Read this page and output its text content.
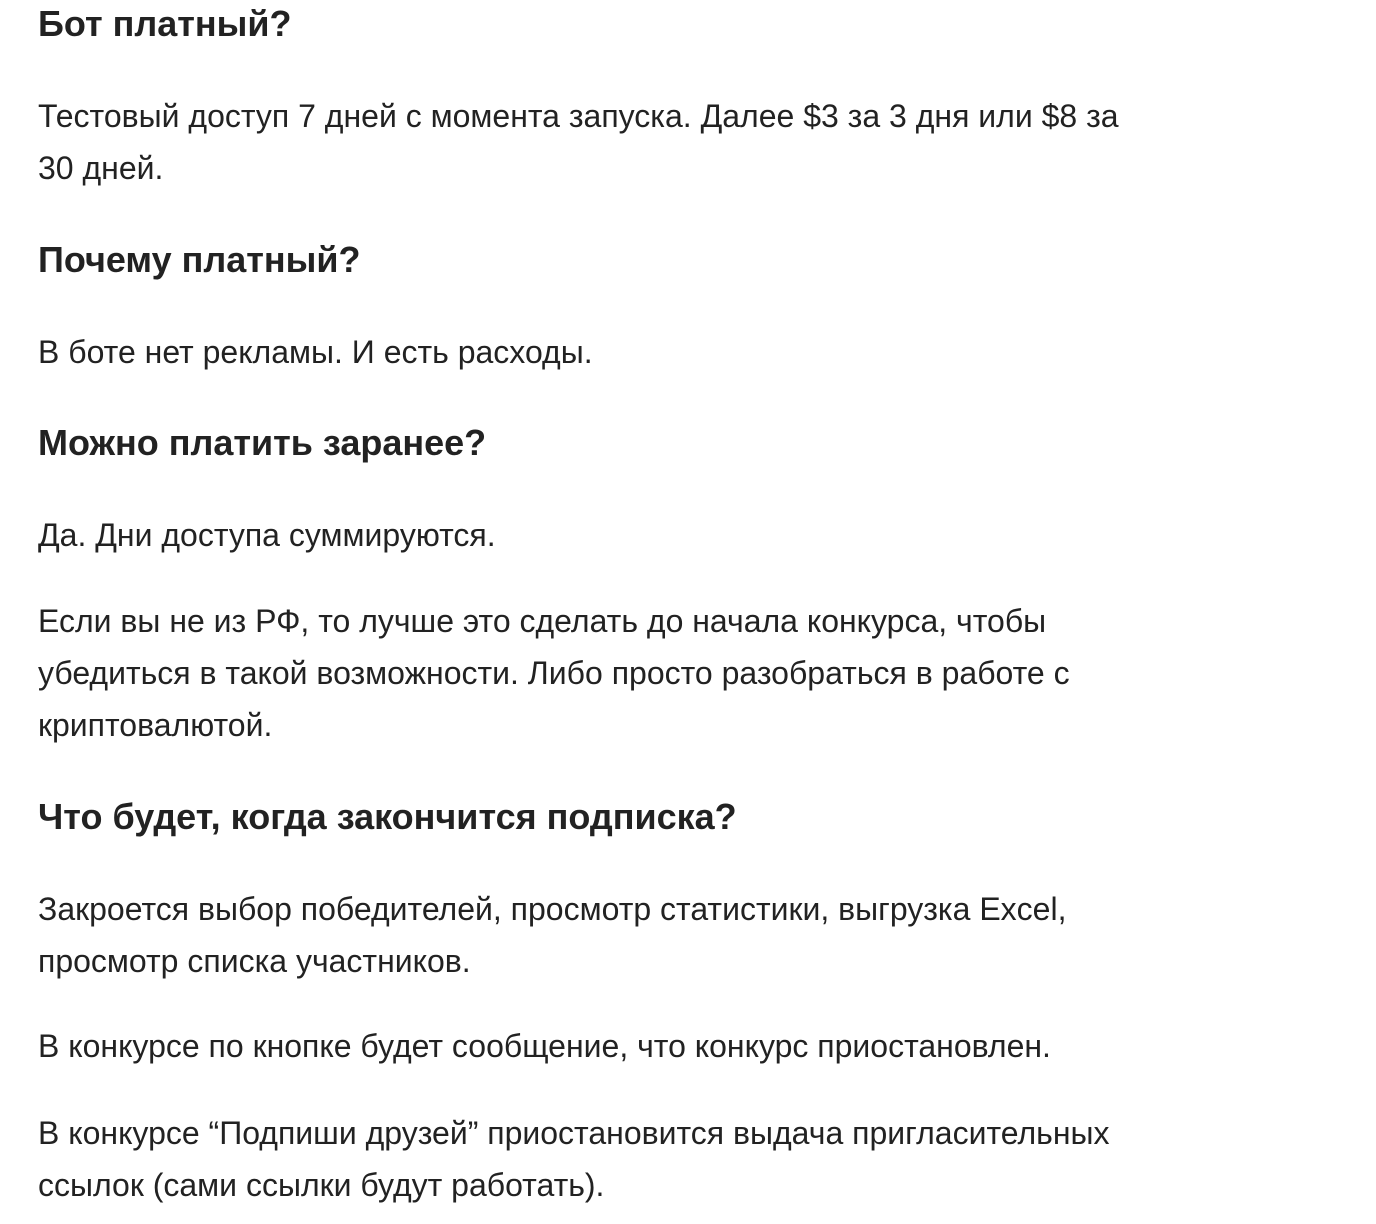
Бот платный?

Тестовый доступ 7 дней с момента запуска. Далее $3 за 3 дня или $8 за
30 дней.

Почему платный?

В боте нет рекламы. И есть расходы.

Можно платить заранее?

Да. Дни доступа суммируются.

Если вы не из РФ, то лучше это сделать до начала конкурса, чтобы
убедиться в такой возможности. Либо просто разобраться в работе с
криптовалютой.

Что будет, когда закончится подписка?

Закроется выбор победителей, просмотр статистики, выгрузка Excel,
просмотр списка участников.

В конкурсе по кнопке будет сообщение, что конкурс приостановлен.

В конкурсе “Подпиши друзей” приостановится выдача пригласительных
ссылок (сами ссылки будут работать).
